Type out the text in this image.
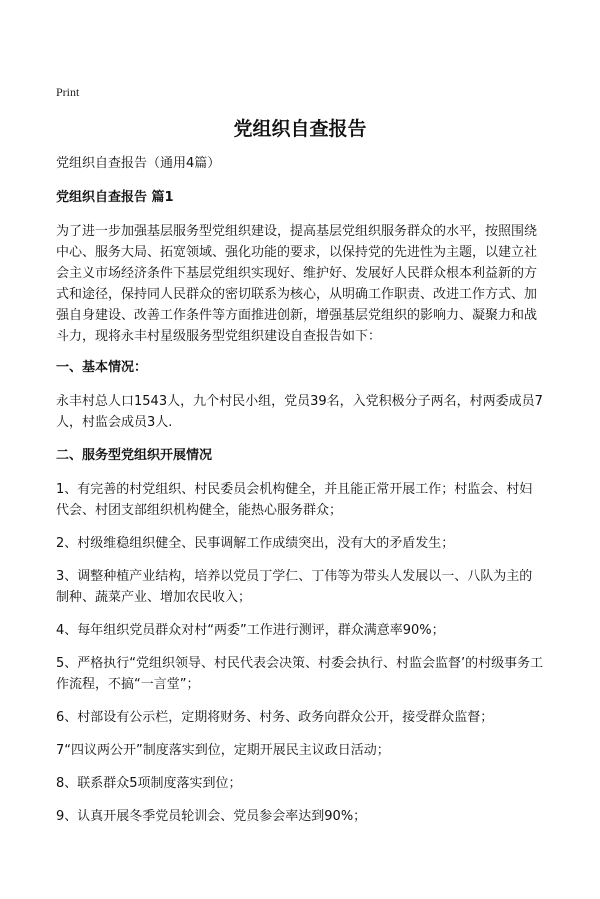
Print
党组织自查报告

党组织自查报告（通用4篇）

党组织自查报告 篇1

为了进一步加强基层服务型党组织建设，提高基层党组织服务群众的水平，按照围绕中心、服务大局、拓宽领域、强化功能的要求，以保持党的先进性为主题，以建立社会主义市场经济条件下基层党组织实现好、维护好、发展好人民群众根本利益新的方式和途径，保持同人民群众的密切联系为核心，从明确工作职责、改进工作方式、加强自身建设、改善工作条件等方面推进创新，增强基层党组织的影响力、凝聚力和战斗力，现将永丰村星级服务型党组织建设自查报告如下：

一、基本情况：

永丰村总人口1543人，九个村民小组，党员39名，入党积极分子两名，村两委成员7人，村监会成员3人.

二、服务型党组织开展情况

1、有完善的村党组织、村民委员会机构健全，并且能正常开展工作；村监会、村妇代会、村团支部组织机构健全，能热心服务群众；

2、村级维稳组织健全、民事调解工作成绩突出，没有大的矛盾发生；

3、调整种植产业结构，培养以党员丁学仁、丁伟等为带头人发展以一、八队为主的制种、蔬菜产业、增加农民收入；

4、每年组织党员群众对村“两委”工作进行测评，群众满意率90%；

5、严格执行“党组织领导、村民代表会决策、村委会执行、村监会监督’的村级事务工作流程，不搞“一言堂”；

6、村部设有公示栏，定期将财务、村务、政务向群众公开，接受群众监督；

7“四议两公开”制度落实到位，定期开展民主议政日活动；

8、联系群众5项制度落实到位；

9、认真开展冬季党员轮训会、党员参会率达到90%；
